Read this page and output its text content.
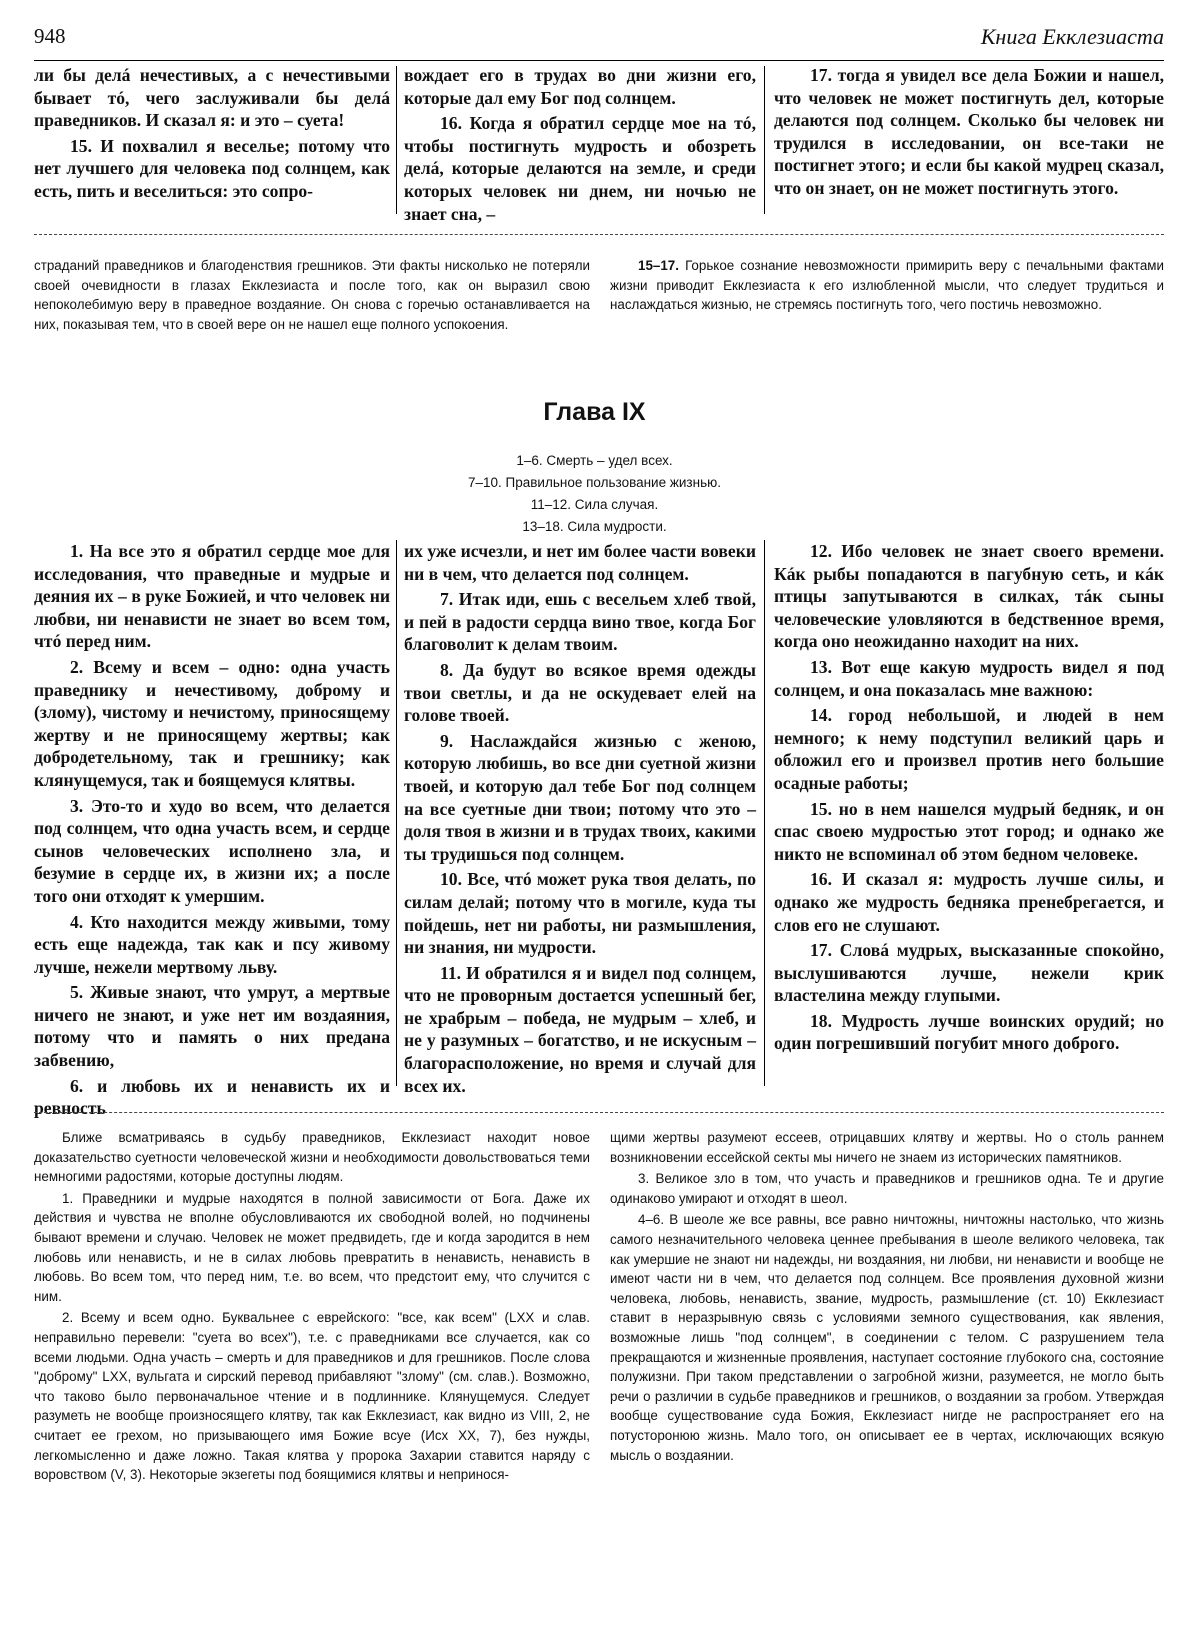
948	Книга Екклезиаста

ли бы делá нечестивых, а с нечестивыми бывает тó, чего заслуживали бы делá праведников. И сказал я: и это – суета!

15. И похвалил я веселье; потому что нет лучшего для человека под солнцем, как есть, пить и веселиться: это сопро-

вождает его в трудах во дни жизни его, которые дал ему Бог под солнцем.

16. Когда я обратил сердце мое на тó, чтобы постигнуть мудрость и обозреть делá, которые делаются на земле, и среди которых человек ни днем, ни ночью не знает сна, –

17. тогда я увидел все дела Божии и нашел, что человек не может постигнуть дел, которые делаются под солнцем. Сколько бы человек ни трудился в исследовании, он все-таки не постигнет этого; и если бы какой мудрец сказал, что он знает, он не может постигнуть этого.

страданий праведников и благоденствия грешников. Эти факты нисколько не потеряли своей очевидности в глазах Екклезиаста и после того, как он выразил свою непоколебимую веру в праведное воздаяние. Он снова с горечью останавливается на них, показывая тем, что в своей вере он не нашел еще полного успокоения.

15–17. Горькое сознание невозможности примирить веру с печальными фактами жизни приводит Екклезиаста к его излюбленной мысли, что следует трудиться и наслаждаться жизнью, не стремясь постигнуть того, чего постичь невозможно.

Глава IX
1–6. Смерть – удел всех.
7–10. Правильное пользование жизнью.
11–12. Сила случая.
13–18. Сила мудрости.

1. На все это я обратил сердце мое для исследования, что праведные и мудрые и деяния их – в руке Божией, и что человек ни любви, ни ненависти не знает во всем том, чтó перед ним.

2. Всему и всем – одно: одна участь праведнику и нечестивому, доброму и (злому), чистому и нечистому, приносящему жертву и не приносящему жертвы; как добродетельному, так и грешнику; как клянущемуся, так и боящемуся клятвы.

3. Это-то и худо во всем, что делается под солнцем, что одна участь всем, и сердце сынов человеческих исполнено зла, и безумие в сердце их, в жизни их; а после того они отходят к умершим.

4. Кто находится между живыми, тому есть еще надежда, так как и псу живому лучше, нежели мертвому льву.

5. Живые знают, что умрут, а мертвые ничего не знают, и уже нет им воздаяния, потому что и память о них предана забвению,

6. и любовь их и ненависть их и ревность

их уже исчезли, и нет им более части вовеки ни в чем, что делается под солнцем.

7. Итак иди, ешь с весельем хлеб твой, и пей в радости сердца вино твое, когда Бог благоволит к делам твоим.

8. Да будут во всякое время одежды твои светлы, и да не оскудевает елей на голове твоей.

9. Наслаждайся жизнью с женою, которую любишь, во все дни суетной жизни твоей, и которую дал тебе Бог под солнцем на все суетные дни твои; потому что это – доля твоя в жизни и в трудах твоих, какими ты трудишься под солнцем.

10. Все, чтó может рука твоя делать, по силам делай; потому что в могиле, куда ты пойдешь, нет ни работы, ни размышления, ни знания, ни мудрости.

11. И обратился я и видел под солнцем, что не проворным достается успешный бег, не храбрым – победа, не мудрым – хлеб, и не у разумных – богатство, и не искусным – благорасположение, но время и случай для всех их.

12. Ибо человек не знает своего времени. Кáк рыбы попадаются в пагубную сеть, и кáк птицы запутываются в силках, тáк сыны человеческие уловляются в бедственное время, когда оно неожиданно находит на них.

13. Вот еще какую мудрость видел я под солнцем, и она показалась мне важною:

14. город небольшой, и людей в нем немного; к нему подступил великий царь и обложил его и произвел против него большие осадные работы;

15. но в нем нашелся мудрый бедняк, и он спас своею мудростью этот город; и однако же никто не вспоминал об этом бедном человеке.

16. И сказал я: мудрость лучше силы, и однако же мудрость бедняка пренебрегается, и слов его не слушают.

17. Словá мудрых, высказанные спокойно, выслушиваются лучше, нежели крик властелина между глупыми.

18. Мудрость лучше воинских орудий; но один погрешивший погубит много доброго.

Ближе всматриваясь в судьбу праведников, Екклезиаст находит новое доказательство суетности человеческой жизни и необходимости довольствоваться теми немногими радостями, которые доступны людям.

1. Праведники и мудрые находятся в полной зависимости от Бога. Даже их действия и чувства не вполне обусловливаются их свободной волей, но подчинены бывают времени и случаю. Человек не может предвидеть, где и когда зародится в нем любовь или ненависть, и не в силах любовь превратить в ненависть, ненависть в любовь. Во всем том, что перед ним, т.е. во всем, что предстоит ему, что случится с ним.

2. Всему и всем одно. Буквальнее с еврейского: "все, как всем" (LXX и слав. неправильно перевели: "суета во всех"), т.е. с праведниками все случается, как со всеми людьми. Одна участь – смерть и для праведников и для грешников. После слова "доброму" LXX, вульгата и сирский перевод прибавляют "злому" (см. слав.). Возможно, что таково было первоначальное чтение и в подлиннике. Клянущемуся. Следует разуметь не вообще произносящего клятву, так как Екклезиаст, как видно из VIII, 2, не считает ее грехом, но призывающего имя Божие всуе (Исх XX, 7), без нужды, легкомысленно и даже ложно. Такая клятва у пророка Захарии ставится наряду с воровством (V, 3). Некоторые экзегеты под боящимися клятвы и непринося-

щими жертвы разумеют ессеев, отрицавших клятву и жертвы. Но о столь раннем возникновении ессейской секты мы ничего не знаем из исторических памятников.

3. Великое зло в том, что участь и праведников и грешников одна. Те и другие одинаково умирают и отходят в шеол.

4–6. В шеоле же все равны, все равно ничтожны, ничтожны настолько, что жизнь самого незначительного человека ценнее пребывания в шеоле великого человека, так как умершие не знают ни надежды, ни воздаяния, ни любви, ни ненависти и вообще не имеют части ни в чем, что делается под солнцем. Все проявления духовной жизни человека, любовь, ненависть, звание, мудрость, размышление (ст. 10) Екклезиаст ставит в неразрывную связь с условиями земного существования, как явления, возможные лишь "под солнцем", в соединении с телом. С разрушением тела прекращаются и жизненные проявления, наступает состояние глубокого сна, состояние полужизни. При таком представлении о загробной жизни, разумеется, не могло быть речи о различии в судьбе праведников и грешников, о воздаянии за гробом. Утверждая вообще существование суда Божия, Екклезиаст нигде не распространяет его на потусторонюю жизнь. Мало того, он описывает ее в чертах, исключающих всякую мысль о воздаянии.
